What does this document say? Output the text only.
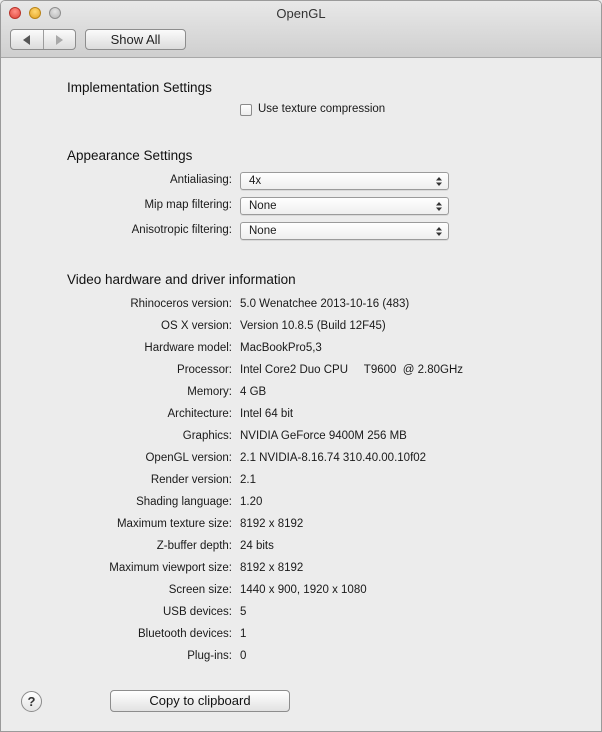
OpenGL
Show All
Implementation Settings
Use texture compression
Appearance Settings
Antialiasing: 4x
Mip map filtering: None
Anisotropic filtering: None
Video hardware and driver information
Rhinoceros version: 5.0 Wenatchee 2013-10-16 (483)
OS X version: Version 10.8.5 (Build 12F45)
Hardware model: MacBookPro5,3
Processor: Intel Core2 Duo CPU     T9600  @ 2.80GHz
Memory: 4 GB
Architecture: Intel 64 bit
Graphics: NVIDIA GeForce 9400M 256 MB
OpenGL version: 2.1 NVIDIA-8.16.74 310.40.00.10f02
Render version: 2.1
Shading language: 1.20
Maximum texture size: 8192 x 8192
Z-buffer depth: 24 bits
Maximum viewport size: 8192 x 8192
Screen size: 1440 x 900, 1920 x 1080
USB devices: 5
Bluetooth devices: 1
Plug-ins: 0
?	Copy to clipboard
